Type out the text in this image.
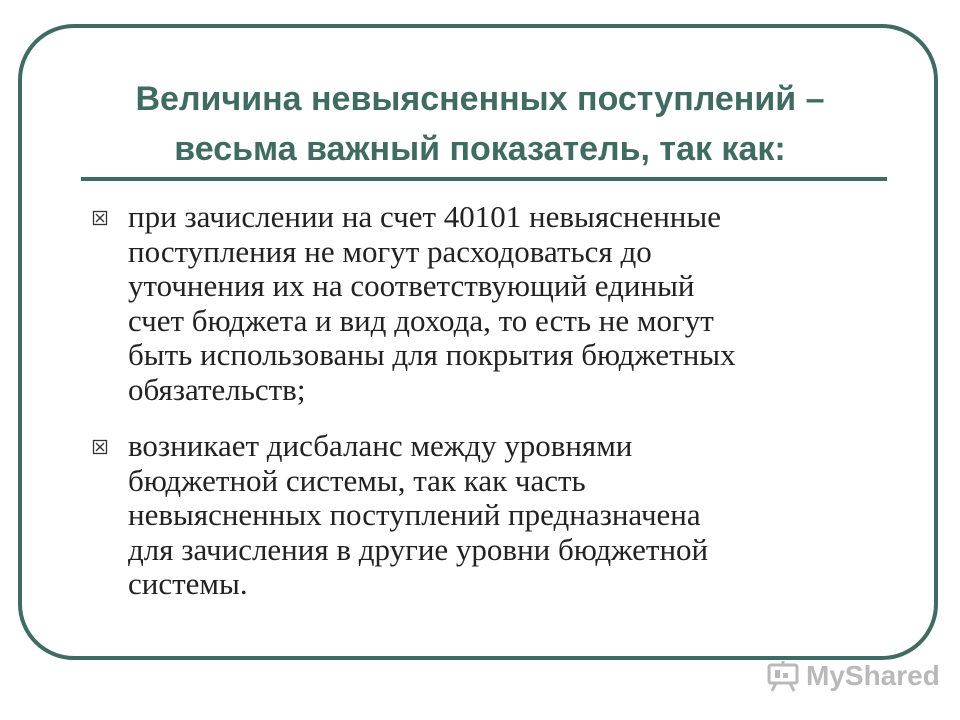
Величина невыясненных поступлений –
весьма важный показатель, так как:
при зачислении на счет 40101 невыясненные
поступления не могут расходоваться до
уточнения их на соответствующий единый
счет бюджета и вид дохода, то есть не могут
быть использованы для покрытия бюджетных
обязательств;
возникает дисбаланс между уровнями
бюджетной системы, так как часть
невыясненных поступлений предназначена
для зачисления в другие уровни бюджетной
системы.
MyShared
